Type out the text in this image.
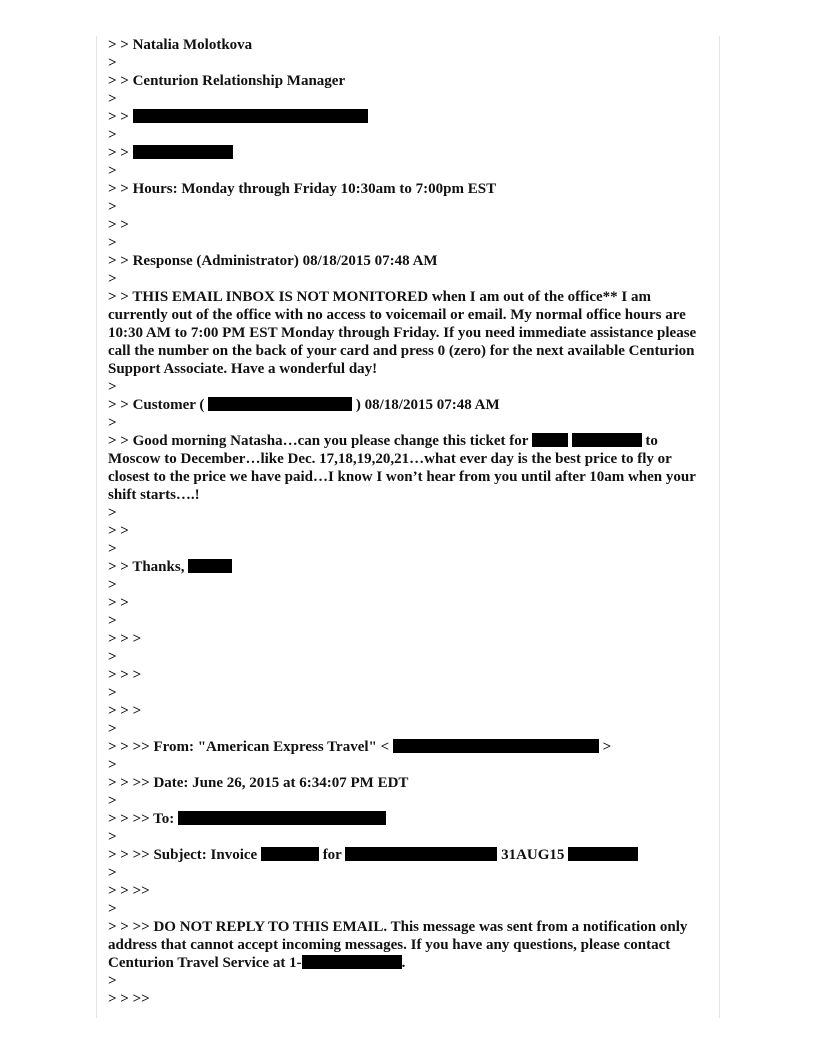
> > Natalia Molotkova
>
> > Centurion Relationship Manager
>
> >
>
> >
>
> > Hours: Monday through Friday 10:30am to 7:00pm EST
>
> >
>
> > Response (Administrator) 08/18/2015 07:48 AM
>
> > THIS EMAIL INBOX IS NOT MONITORED when I am out of the office** I am currently out of the office with no access to voicemail or email. My normal office hours are 10:30 AM to 7:00 PM EST Monday through Friday. If you need immediate assistance please call the number on the back of your card and press 0 (zero) for the next available Centurion Support Associate. Have a wonderful day!
>
> > Customer (	) 08/18/2015 07:48 AM
>
> > Good morning Natasha…can you please change this ticket for	to Moscow to December…like Dec. 17,18,19,20,21…what ever day is the best price to fly or closest to the price we have paid…I know I won’t hear from you until after 10am when your shift starts….!
>
> >
>
> > Thanks,
>
> >
>
> > >
>
> > >
>
> > >
>
> > >> From: "American Express Travel" <	>
>
> > >> Date: June 26, 2015 at 6:34:07 PM EDT
>
> > >> To:
>
> > >> Subject: Invoice	for	31AUG15
>
> > >>
>
> > >> DO NOT REPLY TO THIS EMAIL. This message was sent from a notification only address that cannot accept incoming messages. If you have any questions, please contact Centurion Travel Service at 1-	.
>
> > >>
